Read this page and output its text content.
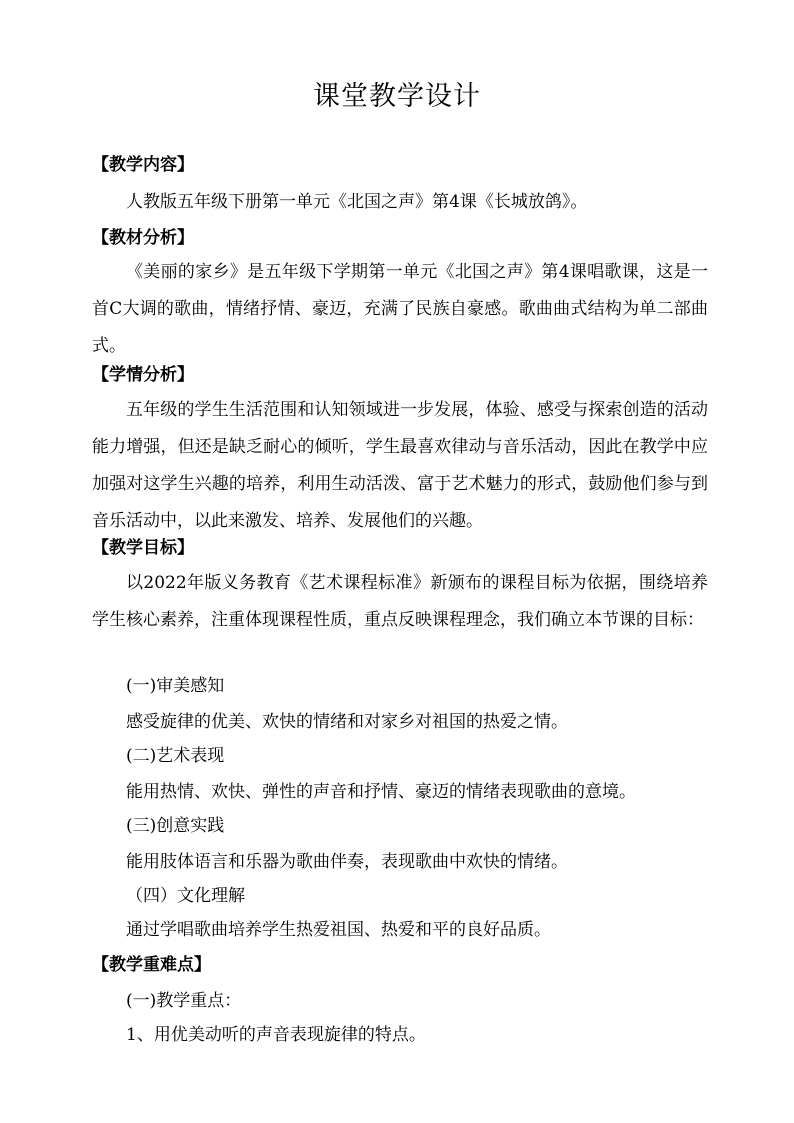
课堂教学设计
【教学内容】
人教版五年级下册第一单元《北国之声》第4课《长城放鸽》。
【教材分析】
《美丽的家乡》是五年级下学期第一单元《北国之声》第4课唱歌课，这是一首C大调的歌曲，情绪抒情、豪迈，充满了民族自豪感。歌曲曲式结构为单二部曲式。
【学情分析】
五年级的学生生活范围和认知领域进一步发展，体验、感受与探索创造的活动能力增强，但还是缺乏耐心的倾听，学生最喜欢律动与音乐活动，因此在教学中应加强对这学生兴趣的培养，利用生动活泼、富于艺术魅力的形式，鼓励他们参与到音乐活动中，以此来激发、培养、发展他们的兴趣。
【教学目标】
以2022年版义务教育《艺术课程标准》新颁布的课程目标为依据，围绕培养学生核心素养，注重体现课程性质，重点反映课程理念，我们确立本节课的目标：
(一)审美感知
感受旋律的优美、欢快的情绪和对家乡对祖国的热爱之情。
(二)艺术表现
能用热情、欢快、弹性的声音和抒情、豪迈的情绪表现歌曲的意境。
(三)创意实践
能用肢体语言和乐器为歌曲伴奏，表现歌曲中欢快的情绪。
（四）文化理解
通过学唱歌曲培养学生热爱祖国、热爱和平的良好品质。
【教学重难点】
(一)教学重点：
1、用优美动听的声音表现旋律的特点。
